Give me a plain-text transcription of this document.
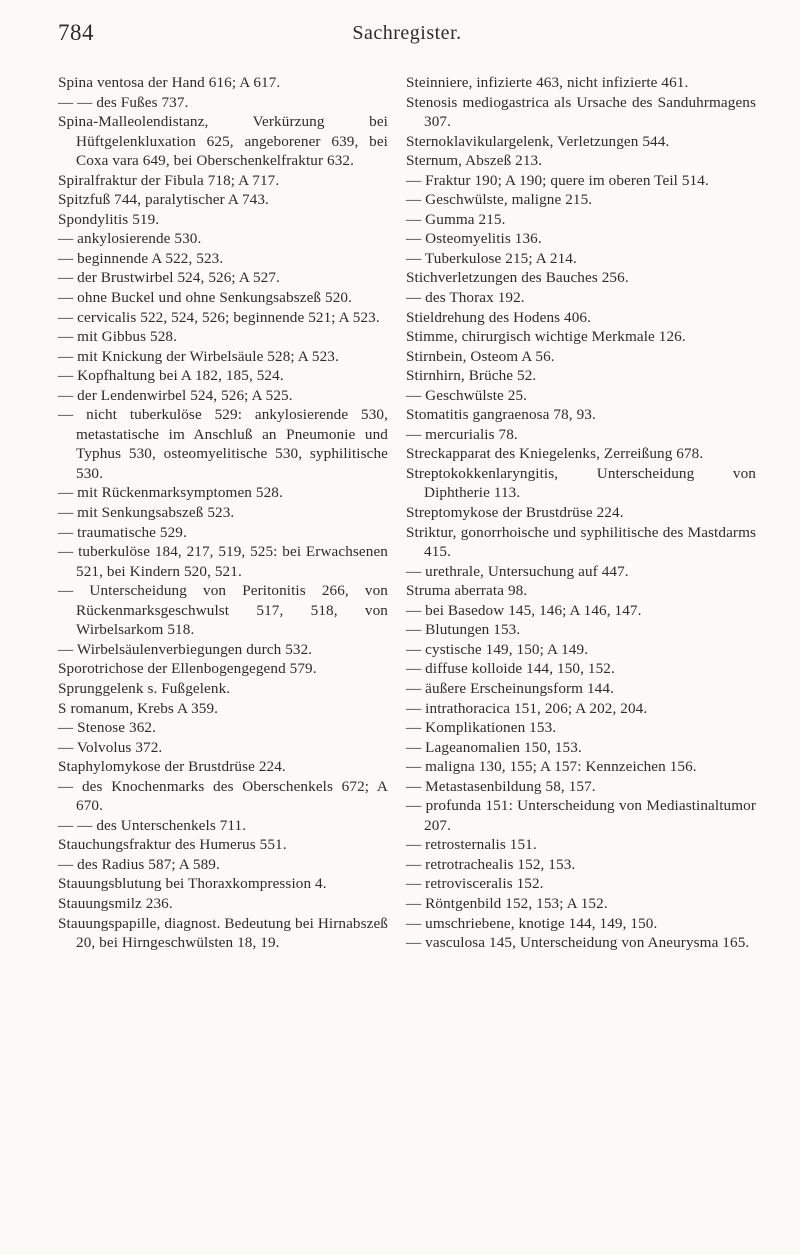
784	Sachregister.

Spina ventosa der Hand 616; A 617.

— — des Fußes 737.

Spina-Malleolendistanz, Verkürzung bei Hüftgelenkluxation 625, angeborener 639, bei Coxa vara 649, bei Oberschenkelfraktur 632.

Spiralfraktur der Fibula 718; A 717.

Spitzfuß 744, paralytischer A 743.

Spondylitis 519.

— ankylosierende 530.

— beginnende A 522, 523.

— der Brustwirbel 524, 526; A 527.

— ohne Buckel und ohne Senkungsabszeß 520.

— cervicalis 522, 524, 526; beginnende 521; A 523.

— mit Gibbus 528.

— mit Knickung der Wirbelsäule 528; A 523.

— Kopfhaltung bei A 182, 185, 524.

— der Lendenwirbel 524, 526; A 525.

— nicht tuberkulöse 529: ankylosierende 530, metastatische im Anschluß an Pneumonie und Typhus 530, osteomyelitische 530, syphilitische 530.

— mit Rückenmarksymptomen 528.

— mit Senkungsabszeß 523.

— traumatische 529.

— tuberkulöse 184, 217, 519, 525: bei Erwachsenen 521, bei Kindern 520, 521.

— Unterscheidung von Peritonitis 266, von Rückenmarksgeschwulst 517, 518, von Wirbelsarkom 518.

— Wirbelsäulenverbiegungen durch 532.

Sporotrichose der Ellenbogengegend 579.

Sprunggelenk s. Fußgelenk.

S romanum, Krebs A 359.

— Stenose 362.

— Volvolus 372.

Staphylomykose der Brustdrüse 224.

— des Knochenmarks des Oberschenkels 672; A 670.

— — des Unterschenkels 711.

Stauchungsfraktur des Humerus 551.

— des Radius 587; A 589.

Stauungsblutung bei Thoraxkompression 4.

Stauungsmilz 236.

Stauungspapille, diagnost. Bedeutung bei Hirnabszeß 20, bei Hirngeschwülsten 18, 19.

Steinniere, infizierte 463, nicht infizierte 461.

Stenosis mediogastrica als Ursache des Sanduhrmagens 307.

Sternoklavikulargelenk, Verletzungen 544.

Sternum, Abszeß 213.

— Fraktur 190; A 190; quere im oberen Teil 514.

— Geschwülste, maligne 215.

— Gumma 215.

— Osteomyelitis 136.

— Tuberkulose 215; A 214.

Stichverletzungen des Bauches 256.

— des Thorax 192.

Stieldrehung des Hodens 406.

Stimme, chirurgisch wichtige Merkmale 126.

Stirnbein, Osteom A 56.

Stirnhirn, Brüche 52.

— Geschwülste 25.

Stomatitis gangraenosa 78, 93.

— mercurialis 78.

Streckapparat des Kniegelenks, Zerreißung 678.

Streptokokkenlaryngitis, Unterscheidung von Diphtherie 113.

Streptomykose der Brustdrüse 224.

Striktur, gonorrhoische und syphilitische des Mastdarms 415.

— urethrale, Untersuchung auf 447.

Struma aberrata 98.

— bei Basedow 145, 146; A 146, 147.

— Blutungen 153.

— cystische 149, 150; A 149.

— diffuse kolloide 144, 150, 152.

— äußere Erscheinungsform 144.

— intrathoracica 151, 206; A 202, 204.

— Komplikationen 153.

— Lageanomalien 150, 153.

— maligna 130, 155; A 157: Kennzeichen 156.

— Metastasenbildung 58, 157.

— profunda 151: Unterscheidung von Mediastinaltumor 207.

— retrosternalis 151.

— retrotrachealis 152, 153.

— retrovisceralis 152.

— Röntgenbild 152, 153; A 152.

— umschriebene, knotige 144, 149, 150.

— vasculosa 145, Unterscheidung von Aneurysma 165.
